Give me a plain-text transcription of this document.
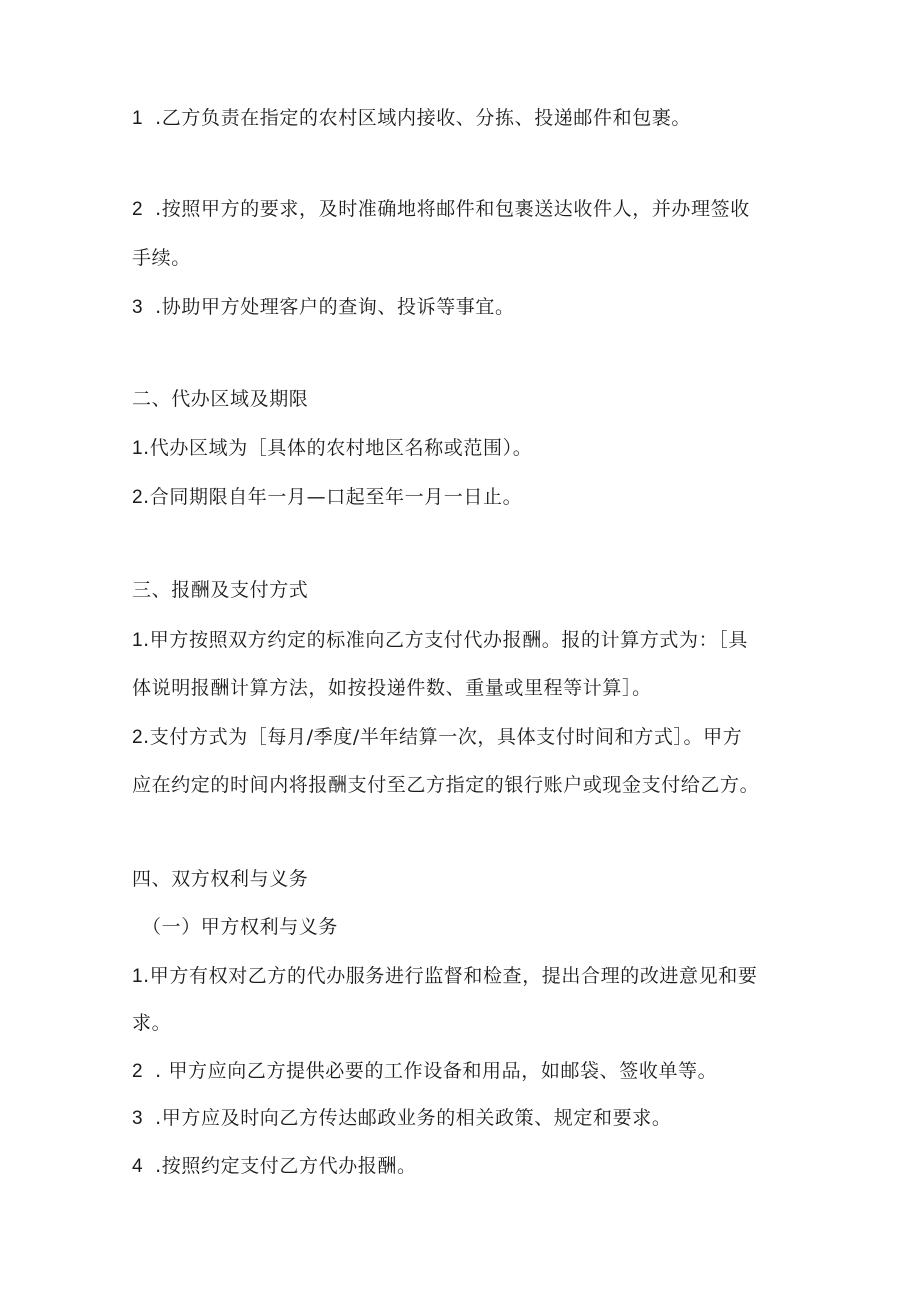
1 .乙方负责在指定的农村区域内接收、分拣、投递邮件和包裹。
2 .按照甲方的要求，及时准确地将邮件和包裹送达收件人，并办理签收
手续。
3 .协助甲方处理客户的查询、投诉等事宜。
二、代办区域及期限
1.代办区域为［具体的农村地区名称或范围）。
2.合同期限自年一月—口起至年一月一日止。
三、报酬及支付方式
1.甲方按照双方约定的标准向乙方支付代办报酬。报的计算方式为：［具
体说明报酬计算方法，如按投递件数、重量或里程等计算］。
2.支付方式为［每月/季度/半年结算一次，具体支付时间和方式］。甲方
应在约定的时间内将报酬支付至乙方指定的银行账户或现金支付给乙方。
四、双方权利与义务
（一）甲方权利与义务
1.甲方有权对乙方的代办服务进行监督和检查，提出合理的改进意见和要
求。
2 . 甲方应向乙方提供必要的工作设备和用品，如邮袋、签收单等。
3 .甲方应及时向乙方传达邮政业务的相关政策、规定和要求。
4 .按照约定支付乙方代办报酬。
